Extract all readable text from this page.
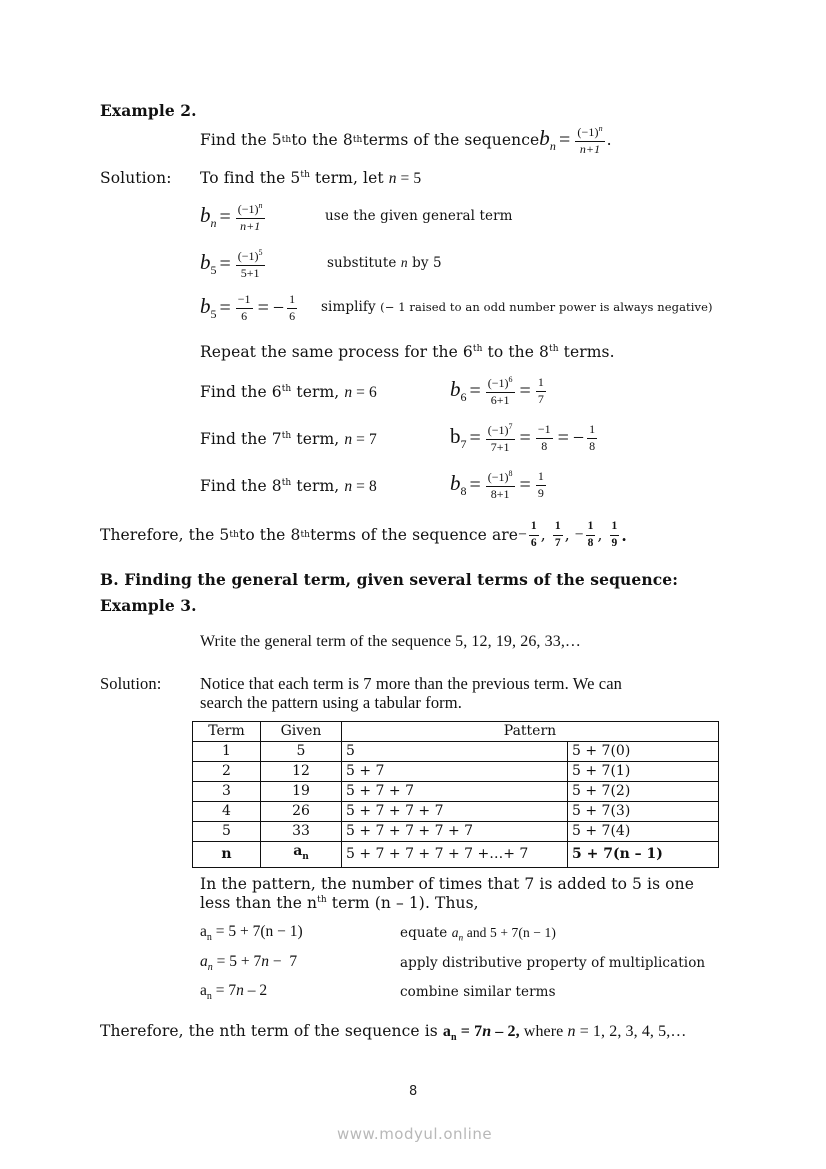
Example 2.
Find the 5 th to the 8 th terms of the sequence $b_n = \frac{(-1)^n}{n+1}$ .
Solution: To find the 5th term, let n = 5
$b_n = \frac{(-1)^n}{n+1}$	use the given general term
$b_5 = \frac{(-1)^5}{5+1}$	substitute n by 5
$b_5 = \frac{-1}{6}$ = − $\frac{1}{6}$ simplify (− 1 raised to an odd number power is always negative)
Repeat the same process for the 6th to the 8th terms.
Find the 6th term, n = 6	$b_6 = \frac{(-1)^6}{6+1} = \frac{1}{7}$
Find the 7th term, n = 7	$b_7 = \frac{(-1)^7}{7+1} = \frac{-1}{8}$ = − $\frac{1}{8}$
Find the 8th term, n = 8	$b_8 = \frac{(-1)^8}{8+1} = \frac{1}{9}$
Therefore, the 5 th to the 8 th terms of the sequence are − $\frac{1}{6}$ ,
$\frac{1}{7}$ ,
− $\frac{1}{8}$ ,
$\frac{1}{9}$ .
B. Finding the general term, given several terms of the sequence:
Example 3.
Write the general term of the sequence 5, 12, 19, 26, 33,…
Solution: Notice that each term is 7 more than the previous term. We can
search the pattern using a tabular form.
Term	Given	Pattern	
1	5	5	5 + 7(0)
2	12	5 + 7	5 + 7(1)
3	19	5 + 7 + 7	5 + 7(2)
4	26	5 + 7 + 7 + 7	5 + 7(3)
5	33	5 + 7 + 7 + 7 + 7	5 + 7(4)
n	$a_n$	5 + 7 + 7 + 7 + 7 +…+ 7	5 + 7(n – 1)
In the pattern, the number of times that 7 is added to 5 is one
less than the $n^{th}$ term (n – 1). Thus,
$a_n = 5 + 7(n - 1)$	equate $a_n$ and 5 + 7(n − 1)
$a_n = 5 + 7n - 7$	apply distributive property of multiplication
$a_n = 7n - 2$	combine similar terms
Therefore, the nth term of the sequence is $a_n = 7n - 2$, where n = 1, 2, 3, 4, 5,…
8
www.modyul.online
